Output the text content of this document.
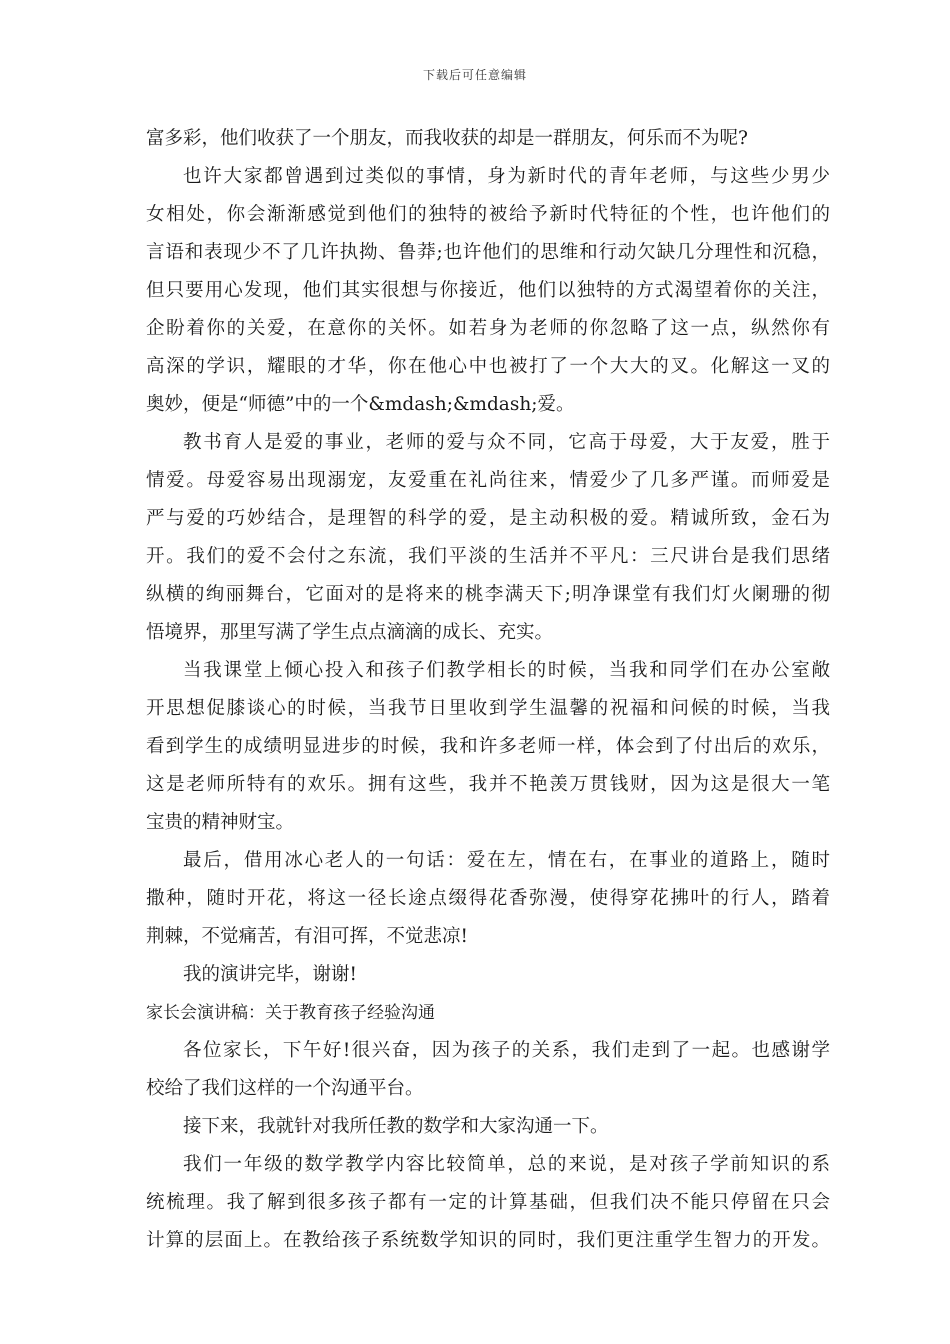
下载后可任意编辑
富多彩，他们收获了一个朋友，而我收获的却是一群朋友，何乐而不为呢?
也许大家都曾遇到过类似的事情，身为新时代的青年老师，与这些少男少
女相处，你会渐渐感觉到他们的独特的被给予新时代特征的个性，也许他们的
言语和表现少不了几许执拗、鲁莽;也许他们的思维和行动欠缺几分理性和沉稳，
但只要用心发现，他们其实很想与你接近，他们以独特的方式渴望着你的关注，
企盼着你的关爱，在意你的关怀。如若身为老师的你忽略了这一点，纵然你有
高深的学识，耀眼的才华，你在他心中也被打了一个大大的叉。化解这一叉的
奥妙，便是“师德”中的一个&mdash;&mdash;爱。
教书育人是爱的事业，老师的爱与众不同，它高于母爱，大于友爱，胜于
情爱。母爱容易出现溺宠，友爱重在礼尚往来，情爱少了几多严谨。而师爱是
严与爱的巧妙结合，是理智的科学的爱，是主动积极的爱。精诚所致，金石为
开。我们的爱不会付之东流，我们平淡的生活并不平凡：三尺讲台是我们思绪
纵横的绚丽舞台，它面对的是将来的桃李满天下;明净课堂有我们灯火阑珊的彻
悟境界，那里写满了学生点点滴滴的成长、充实。
当我课堂上倾心投入和孩子们教学相长的时候，当我和同学们在办公室敞
开思想促膝谈心的时候，当我节日里收到学生温馨的祝福和问候的时候，当我
看到学生的成绩明显进步的时候，我和许多老师一样，体会到了付出后的欢乐，
这是老师所特有的欢乐。拥有这些，我并不艳羡万贯钱财，因为这是很大一笔
宝贵的精神财宝。
最后，借用冰心老人的一句话：爱在左，情在右，在事业的道路上，随时
撒种，随时开花，将这一径长途点缀得花香弥漫，使得穿花拂叶的行人，踏着
荆棘，不觉痛苦，有泪可挥，不觉悲凉!
我的演讲完毕，谢谢!
家长会演讲稿：关于教育孩子经验沟通
各位家长，下午好!很兴奋，因为孩子的关系，我们走到了一起。也感谢学
校给了我们这样的一个沟通平台。
接下来，我就针对我所任教的数学和大家沟通一下。
我们一年级的数学教学内容比较简单，总的来说，是对孩子学前知识的系
统梳理。我了解到很多孩子都有一定的计算基础，但我们决不能只停留在只会
计算的层面上。在教给孩子系统数学知识的同时，我们更注重学生智力的开发。
